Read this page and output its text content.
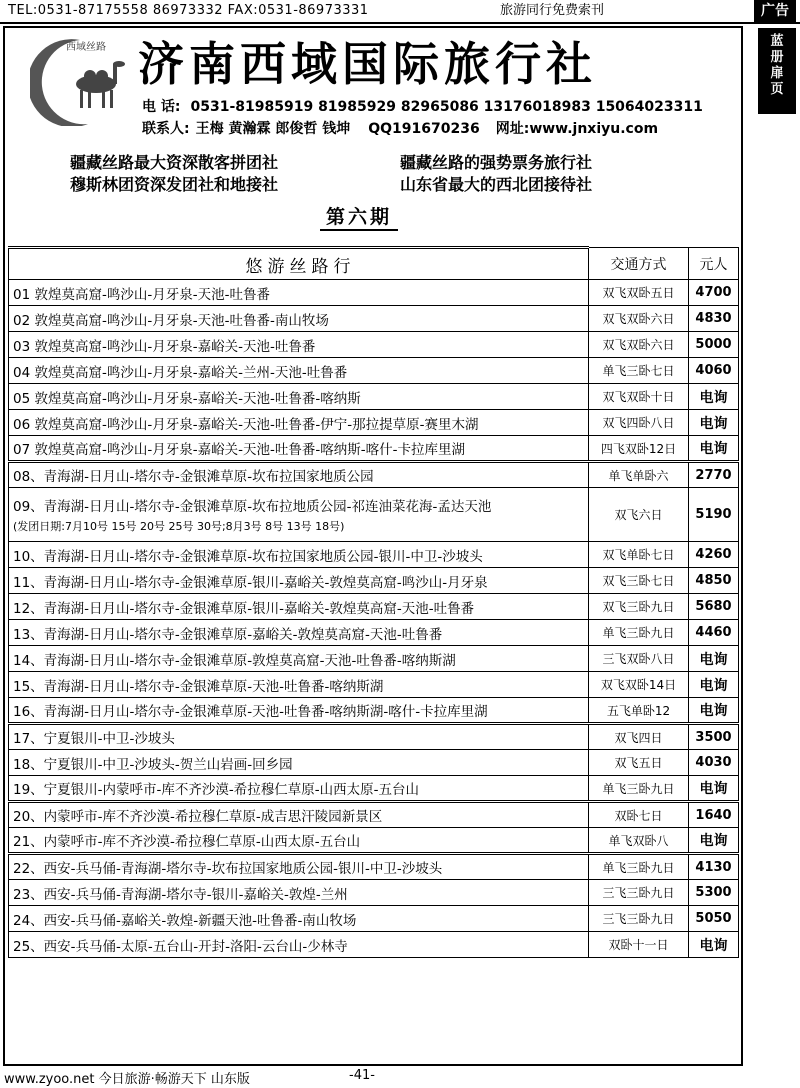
TEL:0531-87175558 86973332 FAX:0531-86973331	旅游同行免费索刊	广告
蓝
册
扉
页
西域丝路 济南西域国际旅行社
电 话: 0531-81985919 81985929 82965086 13176018983 15064023311
联系人: 王梅 黄瀚霖 郎俊哲 钱坤 QQ191670236 网址:www.jnxiyu.com
疆藏丝路最大资深散客拼团社	疆藏丝路的强势票务旅行社
穆斯林团资深发团社和地接社	山东省最大的西北团接待社
第六期
悠游丝路行	交通方式	元人
01 敦煌莫高窟-鸣沙山-月牙泉-天池-吐鲁番	双飞双卧五日	4700
02 敦煌莫高窟-鸣沙山-月牙泉-天池-吐鲁番-南山牧场	双飞双卧六日	4830
03 敦煌莫高窟-鸣沙山-月牙泉-嘉峪关-天池-吐鲁番	双飞双卧六日	5000
04 敦煌莫高窟-鸣沙山-月牙泉-嘉峪关-兰州-天池-吐鲁番	单飞三卧七日	4060
05 敦煌莫高窟-鸣沙山-月牙泉-嘉峪关-天池-吐鲁番-喀纳斯	双飞双卧十日	电询
06 敦煌莫高窟-鸣沙山-月牙泉-嘉峪关-天池-吐鲁番-伊宁-那拉提草原-赛里木湖	双飞四卧八日	电询
07 敦煌莫高窟-鸣沙山-月牙泉-嘉峪关-天池-吐鲁番-喀纳斯-喀什-卡拉库里湖	四飞双卧12日	电询
08、青海湖-日月山-塔尔寺-金银滩草原-坎布拉国家地质公园	单飞单卧六	2770
09、青海湖-日月山-塔尔寺-金银滩草原-坎布拉地质公园-祁连油菜花海-孟达天池
(发团日期:7月10号 15号 20号 25号 30号;8月3号 8号 13号 18号)	双飞六日	5190
10、青海湖-日月山-塔尔寺-金银滩草原-坎布拉国家地质公园-银川-中卫-沙坡头	双飞单卧七日	4260
11、青海湖-日月山-塔尔寺-金银滩草原-银川-嘉峪关-敦煌莫高窟-鸣沙山-月牙泉	双飞三卧七日	4850
12、青海湖-日月山-塔尔寺-金银滩草原-银川-嘉峪关-敦煌莫高窟-天池-吐鲁番	双飞三卧九日	5680
13、青海湖-日月山-塔尔寺-金银滩草原-嘉峪关-敦煌莫高窟-天池-吐鲁番	单飞三卧九日	4460
14、青海湖-日月山-塔尔寺-金银滩草原-敦煌莫高窟-天池-吐鲁番-喀纳斯湖	三飞双卧八日	电询
15、青海湖-日月山-塔尔寺-金银滩草原-天池-吐鲁番-喀纳斯湖	双飞双卧14日	电询
16、青海湖-日月山-塔尔寺-金银滩草原-天池-吐鲁番-喀纳斯湖-喀什-卡拉库里湖	五飞单卧12	电询
17、宁夏银川-中卫-沙坡头	双飞四日	3500
18、宁夏银川-中卫-沙坡头-贺兰山岩画-回乡园	双飞五日	4030
19、宁夏银川-内蒙呼市-库不齐沙漠-希拉穆仁草原-山西太原-五台山	单飞三卧九日	电询
20、内蒙呼市-库不齐沙漠-希拉穆仁草原-成吉思汗陵园新景区	双卧七日	1640
21、内蒙呼市-库不齐沙漠-希拉穆仁草原-山西太原-五台山	单飞双卧八	电询
22、西安-兵马俑-青海湖-塔尔寺-坎布拉国家地质公园-银川-中卫-沙坡头	单飞三卧九日	4130
23、西安-兵马俑-青海湖-塔尔寺-银川-嘉峪关-敦煌-兰州	三飞三卧九日	5300
24、西安-兵马俑-嘉峪关-敦煌-新疆天池-吐鲁番-南山牧场	三飞三卧九日	5050
25、西安-兵马俑-太原-五台山-开封-洛阳-云台山-少林寺	双卧十一日	电询
www.zyoo.net 今日旅游·畅游天下 山东版	-41-
